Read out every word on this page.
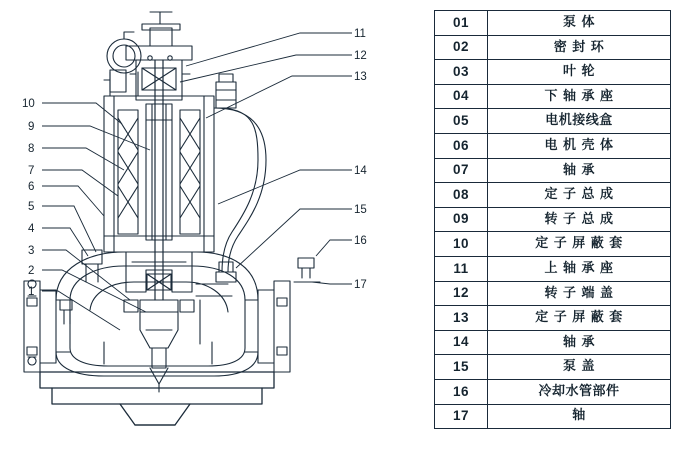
10
9
8
7
6
5
4
3
2
1
11
12
13
14
15
16
17
01	泵 体
02	密 封 环
03	叶 轮
04	下 轴 承 座
05	电机接线盒
06	电 机 壳 体
07	轴 承
08	定 子 总 成
09	转 子 总 成
10	定 子 屏 蔽 套
11	上 轴 承 座
12	转 子 端 盖
13	定 子 屏 蔽 套
14	轴 承
15	泵 盖
16	冷却水管部件
17	轴
